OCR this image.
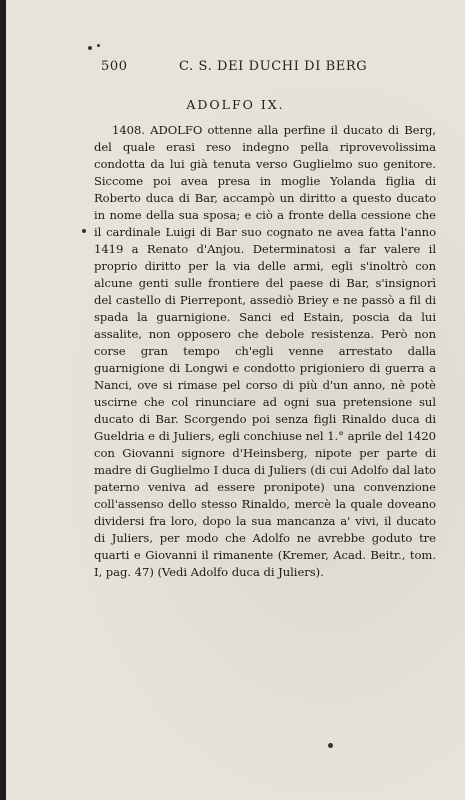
500	C. S. DEI DUCHI DI BERG
ADOLFO IX.
1408. ADOLFO ottenne alla perfine il ducato di Berg, del quale erasi reso indegno pella riprovevolissima condotta da lui già tenuta verso Guglielmo suo genitore. Siccome poi avea presa in moglie Yolanda figlia di Roberto duca di Bar, accampò un diritto a questo ducato in nome della sua sposa; e ciò a fronte della cessione che il cardinale Luigi di Bar suo cognato ne avea fatta l'anno 1419 a Renato d'Anjou. Determinatosi a far valere il proprio diritto per la via delle armi, egli s'inoltrò con alcune genti sulle frontiere del paese di Bar, s'insignorì del castello di Pierrepont, assediò Briey e ne passò a fil di spada la guarnigione. Sanci ed Estain, poscia da lui assalite, non opposero che debole resistenza. Però non corse gran tempo ch'egli venne arrestato dalla guarnigione di Longwi e condotto prigioniero di guerra a Nanci, ove si rimase pel corso di più d'un anno, nè potè uscirne che col rinunciare ad ogni sua pretensione sul ducato di Bar. Scorgendo poi senza figli Rinaldo duca di Gueldria e di Juliers, egli conchiuse nel 1.° aprile del 1420 con Giovanni signore d'Heinsberg, nipote per parte di madre di Guglielmo I duca di Juliers (di cui Adolfo dal lato paterno veniva ad essere pronipote) una convenzione coll'assenso dello stesso Rinaldo, mercè la quale doveano dividersi fra loro, dopo la sua mancanza a' vivi, il ducato di Juliers, per modo che Adolfo ne avrebbe goduto tre quarti e Giovanni il rimanente (Kremer, Acad. Beitr., tom. I, pag. 47) (Vedi Adolfo duca di Juliers).
